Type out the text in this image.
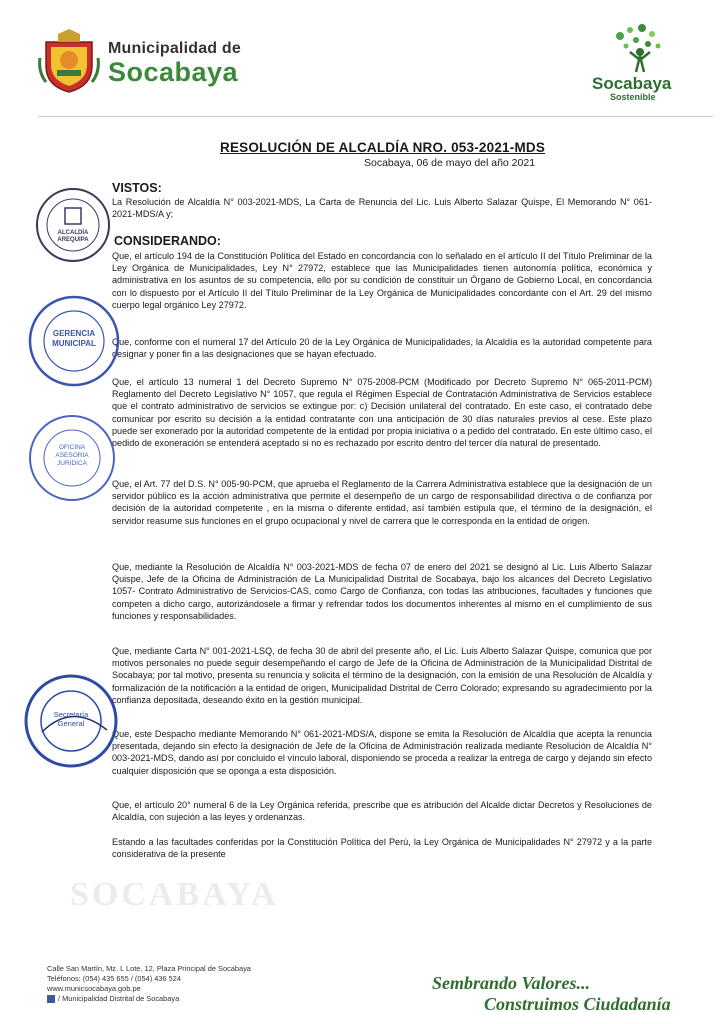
Municipalidad de
Socabaya	Socabaya
Sostenible
RESOLUCIÓN DE ALCALDÍA NRO. 053-2021-MDS
Socabaya, 06 de mayo del año 2021
VISTOS:

La Resolución de Alcaldía N° 003-2021-MDS, La Carta de Renuncia del Lic. Luis Alberto Salazar Quispe, El Memorando N° 061-2021-MDS/A y;

CONSIDERANDO:

Que, el artículo 194 de la Constitución Política del Estado en concordancia con lo señalado en el artículo II del Título Preliminar de la Ley Orgánica de Municipalidades, Ley N° 27972, establece que las Municipalidades tienen autonomía política, económica y administrativa en los asuntos de su competencia, ello por su condición de constituir un Órgano de Gobierno Local, en concordancia con lo dispuesto por el Artículo II del Título Preliminar de la Ley Orgánica de Municipalidades concordante con el Art. 29 del mismo cuerpo legal orgánico Ley 27972.

Que, conforme con el numeral 17 del Artículo 20 de la Ley Orgánica de Municipalidades, la Alcaldía es la autoridad competente para designar y poner fin a las designaciones que se hayan efectuado.

Que, el artículo 13 numeral 1 del Decreto Supremo N° 075-2008-PCM (Modificado por Decreto Supremo N° 065-2011-PCM) Reglamento del Decreto Legislativo N° 1057, que regula el Régimen Especial de Contratación Administrativa de Servicios establece que el contrato administrativo de servicios se extingue por: c) Decisión unilateral del contratado. En este caso, el contratado debe comunicar por escrito su decisión a la entidad contratante con una anticipación de 30 días naturales previos al cese. Este plazo puede ser exonerado por la autoridad competente de la entidad por propia iniciativa o a pedido del contratado. En este último caso, el pedido de exoneración se entenderá aceptado si no es rechazado por escrito dentro del tercer día natural de presentado.

Que, el Art. 77 del D.S. N° 005-90-PCM, que aprueba el Reglamento de la Carrera Administrativa establece que la designación de un servidor público es la acción administrativa que permite el desempeño de un cargo de responsabilidad directiva o de confianza por decisión de la autoridad competente , en la misma o diferente entidad, así también estipula que, el término de la designación, el servidor reasume sus funciones en el grupo ocupacional y nivel de carrera que le corresponda en la entidad de origen.

Que, mediante la Resolución de Alcaldía N° 003-2021-MDS de fecha 07 de enero del 2021 se designó al Lic. Luis Alberto Salazar Quispe, Jefe de la Oficina de Administración de La Municipalidad Distrital de Socabaya, bajo los alcances del Decreto Legislativo 1057- Contrato Administrativo de Servicios-CAS, como Cargo de Confianza, con todas las atribuciones, facultades y funciones que competen a dicho cargo, autorizándosele a firmar y refrendar todos los documentos inherentes al mismo en el cumplimiento de sus funciones y responsabilidades.

Que, mediante Carta N° 001-2021-LSQ, de fecha 30 de abril del presente año, el Lic. Luis Alberto Salazar Quispe, comunica que por motivos personales no puede seguir desempeñando el cargo de Jefe de la Oficina de Administración de la Municipalidad Distrital de Socabaya; por tal motivo, presenta su renuncia y solicita el término de la designación, con la emisión de una Resolución de Alcaldía y formalización de la notificación a la entidad de origen, Municipalidad Distrital de Cerro Colorado; expresando su agradecimiento por la confianza depositada, deseando éxito en la gestión municipal.

Que, este Despacho mediante Memorando N° 061-2021-MDS/A, dispone se emita la Resolución de Alcaldía que acepta la renuncia presentada, dejando sin efecto la designación de Jefe de la Oficina de Administración realizada mediante Resolución de Alcaldía N° 003-2021-MDS, dando así por concluido el vínculo laboral, disponiendo se proceda a realizar la entrega de cargo y dejando sin efecto cualquier disposición que se oponga a esta disposición.

Que, el artículo 20° numeral 6 de la Ley Orgánica referida, prescribe que es atribución del Alcalde dictar Decretos y Resoluciones de Alcaldía, con sujeción a las leyes y ordenanzas.

Estando a las facultades conferidas por la Constitución Política del Perú, la Ley Orgánica de Municipalidades N° 27972 y a la parte considerativa de la presente

ALCALDÍA
AREQUIPA
GERENCIA
MUNICIPAL
OFICINA
ASESORIA
JURIDICA
Secretaría
General
SOCABAYA
Calle San Martín, Mz. L Lote. 12, Plaza Principal de Socabaya
Teléfonos: (054) 435 655 / (054) 436 524
www.municsocabaya.gob.pe
/ Municipalidad Distrital de Socabaya
Sembrando Valores...
Construimos Ciudadanía
